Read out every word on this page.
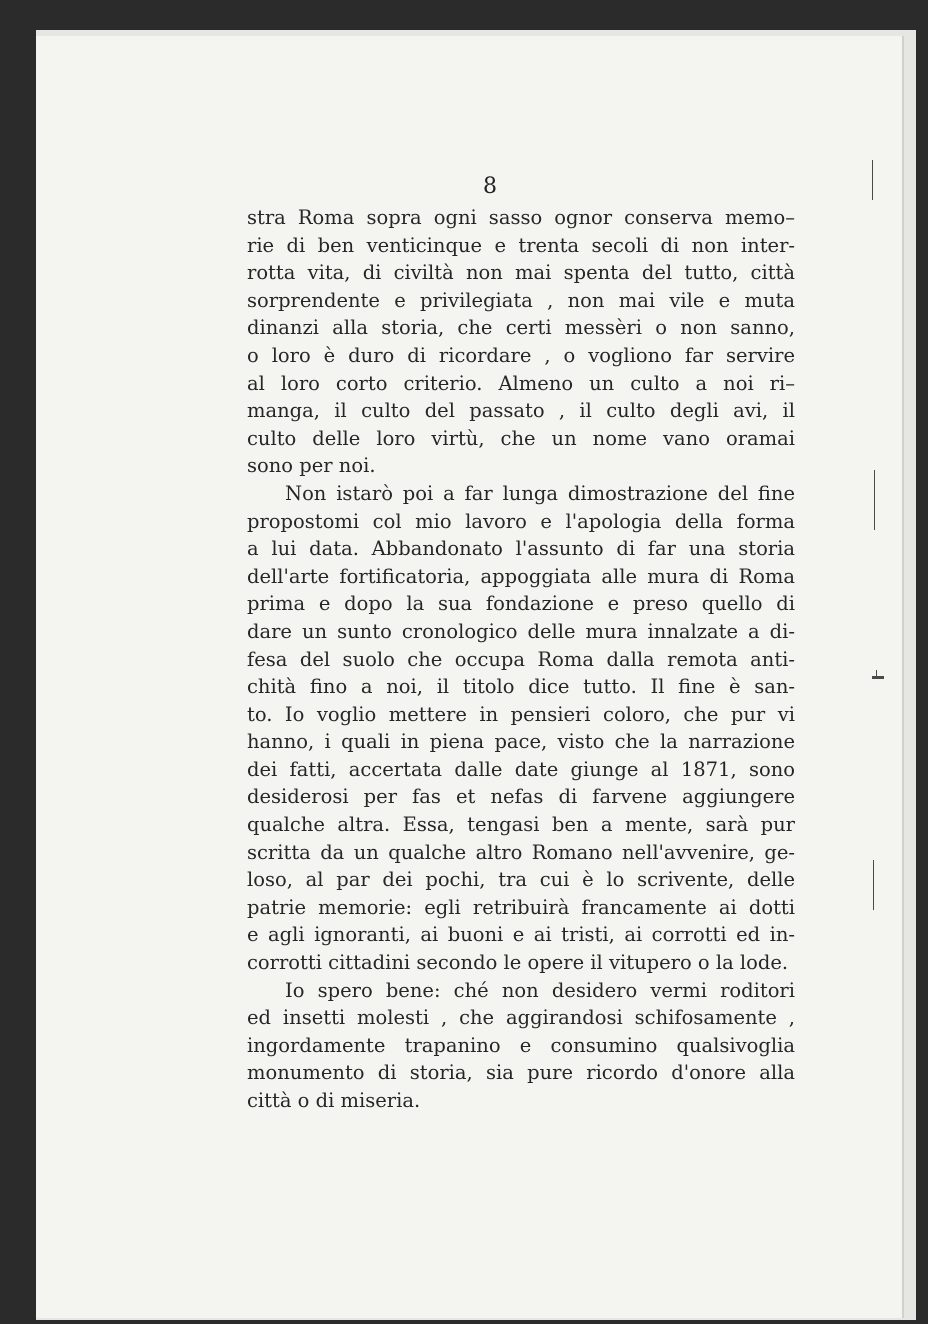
8
stra Roma sopra ogni sasso ognor conserva memo–
rie di ben venticinque e trenta secoli di non inter-
rotta vita, di civiltà non mai spenta del tutto, città
sorprendente e privilegiata , non mai vile e muta
dinanzi alla storia, che certi messèri o non sanno,
o loro è duro di ricordare , o vogliono far servire
al loro corto criterio. Almeno un culto a noi ri–
manga, il culto del passato , il culto degli avi, il
culto delle loro virtù, che un nome vano oramai
sono per noi.
Non istarò poi a far lunga dimostrazione del fine
propostomi col mio lavoro e l'apologia della forma
a lui data. Abbandonato l'assunto di far una storia
dell'arte fortificatoria, appoggiata alle mura di Roma
prima e dopo la sua fondazione e preso quello di
dare un sunto cronologico delle mura innalzate a di-
fesa del suolo che occupa Roma dalla remota anti-
chità fino a noi, il titolo dice tutto. Il fine è san-
to. Io voglio mettere in pensieri coloro, che pur vi
hanno, i quali in piena pace, visto che la narrazione
dei fatti, accertata dalle date giunge al 1871, sono
desiderosi per fas et nefas di farvene aggiungere
qualche altra. Essa, tengasi ben a mente, sarà pur
scritta da un qualche altro Romano nell'avvenire, ge-
loso, al par dei pochi, tra cui è lo scrivente, delle
patrie memorie: egli retribuirà francamente ai dotti
e agli ignoranti, ai buoni e ai tristi, ai corrotti ed in-
corrotti cittadini secondo le opere il vitupero o la lode.
Io spero bene: ché non desidero vermi roditori
ed insetti molesti , che aggirandosi schifosamente ,
ingordamente trapanino e consumino qualsivoglia
monumento di storia, sia pure ricordo d'onore alla
città o di miseria.
